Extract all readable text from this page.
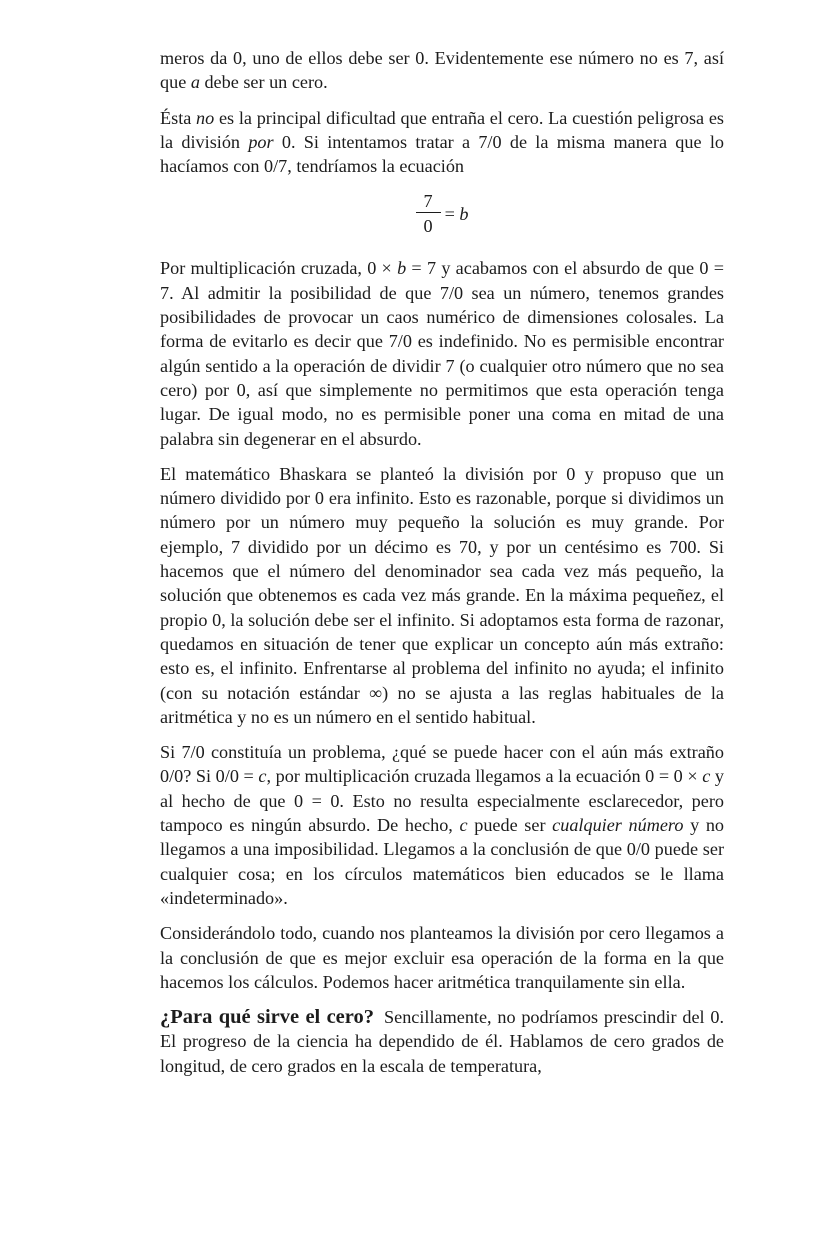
meros da 0, uno de ellos debe ser 0. Evidentemente ese número no es 7, así que a debe ser un cero.

Ésta no es la principal dificultad que entraña el cero. La cuestión peligrosa es la división por 0. Si intentamos tratar a 7/0 de la misma manera que lo hacíamos con 0/7, tendríamos la ecuación

$\frac{7}{0} = b$

Por multiplicación cruzada, 0 × b = 7 y acabamos con el absurdo de que 0 = 7. Al admitir la posibilidad de que 7/0 sea un número, tenemos grandes posibilidades de provocar un caos numérico de dimensiones colosales. La forma de evitarlo es decir que 7/0 es indefinido. No es permisible encontrar algún sentido a la operación de dividir 7 (o cualquier otro número que no sea cero) por 0, así que simplemente no permitimos que esta operación tenga lugar. De igual modo, no es permisible poner una coma en mitad de una palabra sin degenerar en el absurdo.

El matemático Bhaskara se planteó la división por 0 y propuso que un número dividido por 0 era infinito. Esto es razonable, porque si dividimos un número por un número muy pequeño la solución es muy grande. Por ejemplo, 7 dividido por un décimo es 70, y por un centésimo es 700. Si hacemos que el número del denominador sea cada vez más pequeño, la solución que obtenemos es cada vez más grande. En la máxima pequeñez, el propio 0, la solución debe ser el infinito. Si adoptamos esta forma de razonar, quedamos en situación de tener que explicar un concepto aún más extraño: esto es, el infinito. Enfrentarse al problema del infinito no ayuda; el infinito (con su notación estándar ∞) no se ajusta a las reglas habituales de la aritmética y no es un número en el sentido habitual.

Si 7/0 constituía un problema, ¿qué se puede hacer con el aún más extraño 0/0? Si 0/0 = c, por multiplicación cruzada llegamos a la ecuación 0 = 0 × c y al hecho de que 0 = 0. Esto no resulta especialmente esclarecedor, pero tampoco es ningún absurdo. De hecho, c puede ser cualquier número y no llegamos a una imposibilidad. Llegamos a la conclusión de que 0/0 puede ser cualquier cosa; en los círculos matemáticos bien educados se le llama «indeterminado».

Considerándolo todo, cuando nos planteamos la división por cero llegamos a la conclusión de que es mejor excluir esa operación de la forma en la que hacemos los cálculos. Podemos hacer aritmética tranquilamente sin ella.

¿Para qué sirve el cero? Sencillamente, no podríamos prescindir del 0. El progreso de la ciencia ha dependido de él. Hablamos de cero grados de longitud, de cero grados en la escala de temperatura,
